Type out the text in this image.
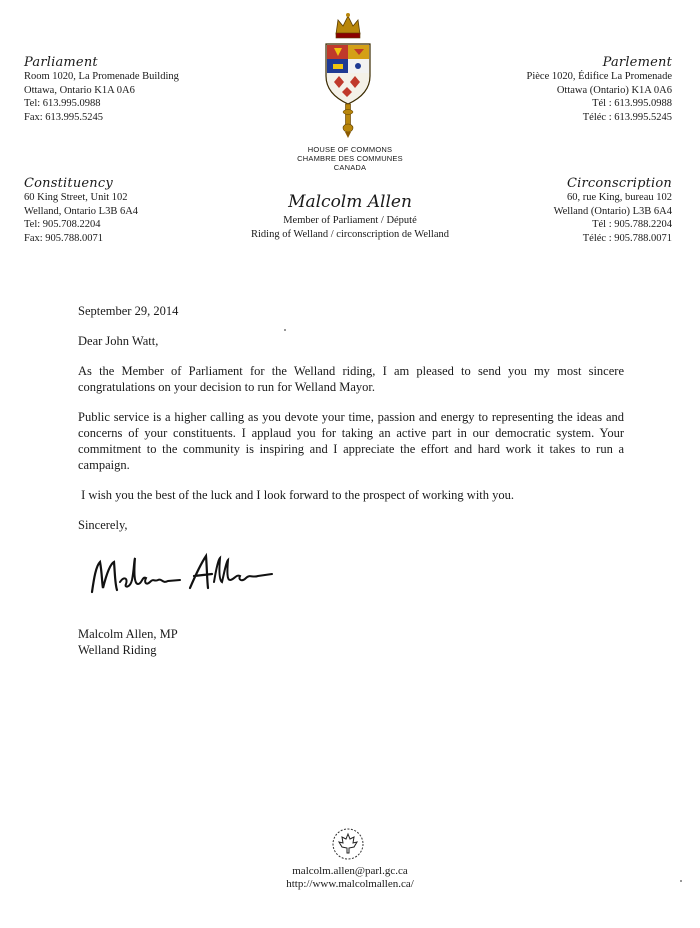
Parliament
Room 1020, La Promenade Building
Ottawa, Ontario K1A 0A6
Tel: 613.995.0988
Fax: 613.995.5245
Parlement
Pièce 1020, Édifice La Promenade
Ottawa (Ontario) K1A 0A6
Tél : 613.995.0988
Téléc : 613.995.5245
HOUSE OF COMMONS
CHAMBRE DES COMMUNES
CANADA
Constituency
60 King Street, Unit 102
Welland, Ontario L3B 6A4
Tel: 905.708.2204
Fax: 905.788.0071
Circonscription
60, rue King, bureau 102
Welland (Ontario) L3B 6A4
Tél : 905.788.2204
Téléc : 905.788.0071
Malcolm Allen
Member of Parliament / Député
Riding of Welland / circonscription de Welland

September 29, 2014

Dear John Watt,

As the Member of Parliament for the Welland riding, I am pleased to send you my most sincere congratulations on your decision to run for Welland Mayor.

Public service is a higher calling as you devote your time, passion and energy to representing the ideas and concerns of your constituents. I applaud you for taking an active part in our democratic system. Your commitment to the community is inspiring and I appreciate the effort and hard work it takes to run a campaign.

I wish you the best of the luck and I look forward to the prospect of working with you.

Sincerely,

Malcolm Allen, MP
Welland Riding
malcolm.allen@parl.gc.ca
http://www.malcolmallen.ca/
